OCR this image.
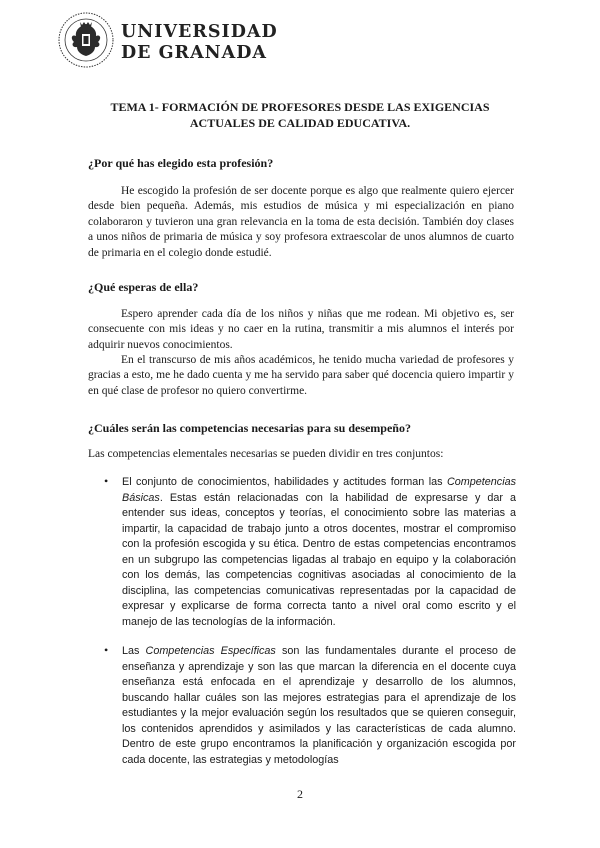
UNIVERSIDAD
DE GRANADA
TEMA 1- FORMACIÓN DE PROFESORES DESDE LAS EXIGENCIAS
ACTUALES DE CALIDAD EDUCATIVA.
¿Por qué has elegido esta profesión?

He escogido la profesión de ser docente porque es algo que realmente quiero ejercer desde bien pequeña. Además, mis estudios de música y mi especialización en piano colaboraron y tuvieron una gran relevancia en la toma de esta decisión. También doy clases a unos niños de primaria de música y soy profesora extraescolar de unos alumnos de cuarto de primaria en el colegio donde estudié.

¿Qué esperas de ella?

Espero aprender cada día de los niños y niñas que me rodean. Mi objetivo es, ser consecuente con mis ideas y no caer en la rutina, transmitir a mis alumnos el interés por adquirir nuevos conocimientos.

En el transcurso de mis años académicos, he tenido mucha variedad de profesores y gracias a esto, me he dado cuenta y me ha servido para saber qué docencia quiero impartir y en qué clase de profesor no quiero convertirme.

¿Cuáles serán las competencias necesarias para su desempeño?

Las competencias elementales necesarias se pueden dividir en tres conjuntos:

• El conjunto de conocimientos, habilidades y actitudes forman las Competencias Básicas. Estas están relacionadas con la habilidad de expresarse y dar a entender sus ideas, conceptos y teorías, el conocimiento sobre las materias a impartir, la capacidad de trabajo junto a otros docentes, mostrar el compromiso con la profesión escogida y su ética. Dentro de estas competencias encontramos en un subgrupo las competencias ligadas al trabajo en equipo y la colaboración con los demás, las competencias cognitivas asociadas al conocimiento de la disciplina, las competencias comunicativas representadas por la capacidad de expresar y explicarse de forma correcta tanto a nivel oral como escrito y el manejo de las tecnologías de la información.

• Las Competencias Específicas son las fundamentales durante el proceso de enseñanza y aprendizaje y son las que marcan la diferencia en el docente cuya enseñanza está enfocada en el aprendizaje y desarrollo de los alumnos, buscando hallar cuáles son las mejores estrategias para el aprendizaje de los estudiantes y la mejor evaluación según los resultados que se quieren conseguir, los contenidos aprendidos y asimilados y las características de cada alumno. Dentro de este grupo encontramos la planificación y organización escogida por cada docente, las estrategias y metodologías

2
